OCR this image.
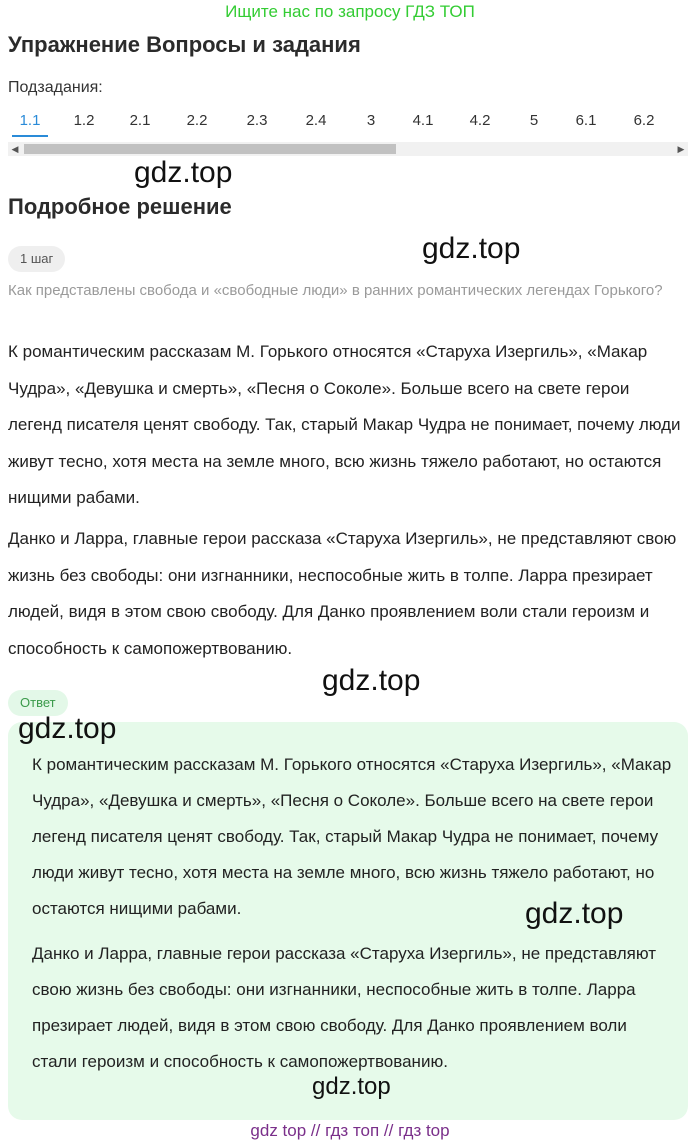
Ищите нас по запросу ГДЗ ТОП
Упражнение Вопросы и задания
Подзадания:
1.1	1.2	2.1	2.2	2.3	2.4	3	4.1	4.2	5	6.1	6.2
◀	▶
gdz.top
Подробное решение
1 шаг	gdz.top
Как представлены свобода и «свободные люди» в ранних романтических легендах Горького?
К романтическим рассказам М. Горького относятся «Старуха Изергиль», «Макар Чудра», «Девушка и смерть», «Песня о Соколе». Больше всего на свете герои легенд писателя ценят свободу. Так, старый Макар Чудра не понимает, почему люди живут тесно, хотя места на земле много, всю жизнь тяжело работают, но остаются нищими рабами.
Данко и Ларра, главные герои рассказа «Старуха Изергиль», не представляют свою жизнь без свободы: они изгнанники, неспособные жить в толпе. Ларра презирает людей, видя в этом свою свободу. Для Данко проявлением воли стали героизм и способность к самопожертвованию.
gdz.top
Ответ
gdz.top
К романтическим рассказам М. Горького относятся «Старуха Изергиль», «Макар Чудра», «Девушка и смерть», «Песня о Соколе». Больше всего на свете герои легенд писателя ценят свободу. Так, старый Макар Чудра не понимает, почему люди живут тесно, хотя места на земле много, всю жизнь тяжело работают, но остаются нищими рабами.
Данко и Ларра, главные герои рассказа «Старуха Изергиль», не представляют свою жизнь без свободы: они изгнанники, неспособные жить в толпе. Ларра презирает людей, видя в этом свою свободу. Для Данко проявлением воли стали героизм и способность к самопожертвованию.
gdz.top
gdz.top
gdz top // гдз топ // гдз top
